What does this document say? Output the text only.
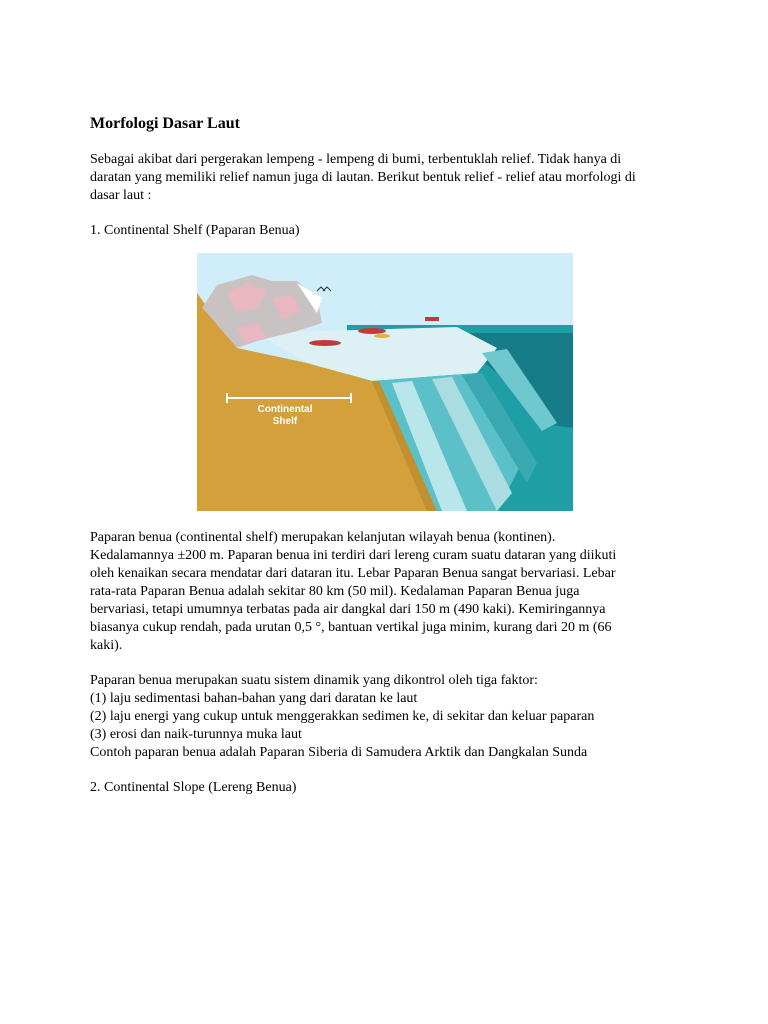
Morfologi Dasar Laut
Sebagai akibat dari pergerakan lempeng - lempeng di bumi, terbentuklah relief. Tidak hanya di
daratan yang memiliki relief namun juga di lautan. Berikut bentuk relief - relief atau morfologi di
dasar laut :
1. Continental Shelf (Paparan Benua)
Paparan benua (continental shelf) merupakan kelanjutan wilayah benua (kontinen).
Kedalamannya ±200 m. Paparan benua ini terdiri dari lereng curam suatu dataran yang diikuti
oleh kenaikan secara mendatar dari dataran itu. Lebar Paparan Benua sangat bervariasi. Lebar
rata-rata Paparan Benua adalah sekitar 80 km (50 mil). Kedalaman Paparan Benua juga
bervariasi, tetapi umumnya terbatas pada air dangkal dari 150 m (490 kaki). Kemiringannya
biasanya cukup rendah, pada urutan 0,5 °, bantuan vertikal juga minim, kurang dari 20 m (66
kaki).
Paparan benua merupakan suatu sistem dinamik yang dikontrol oleh tiga faktor:
(1) laju sedimentasi bahan-bahan yang dari daratan ke laut
(2) laju energi yang cukup untuk menggerakkan sedimen ke, di sekitar dan keluar paparan
(3) erosi dan naik-turunnya muka laut
Contoh paparan benua adalah Paparan Siberia di Samudera Arktik dan Dangkalan Sunda
2. Continental Slope (Lereng Benua)
Continental
Shelf
